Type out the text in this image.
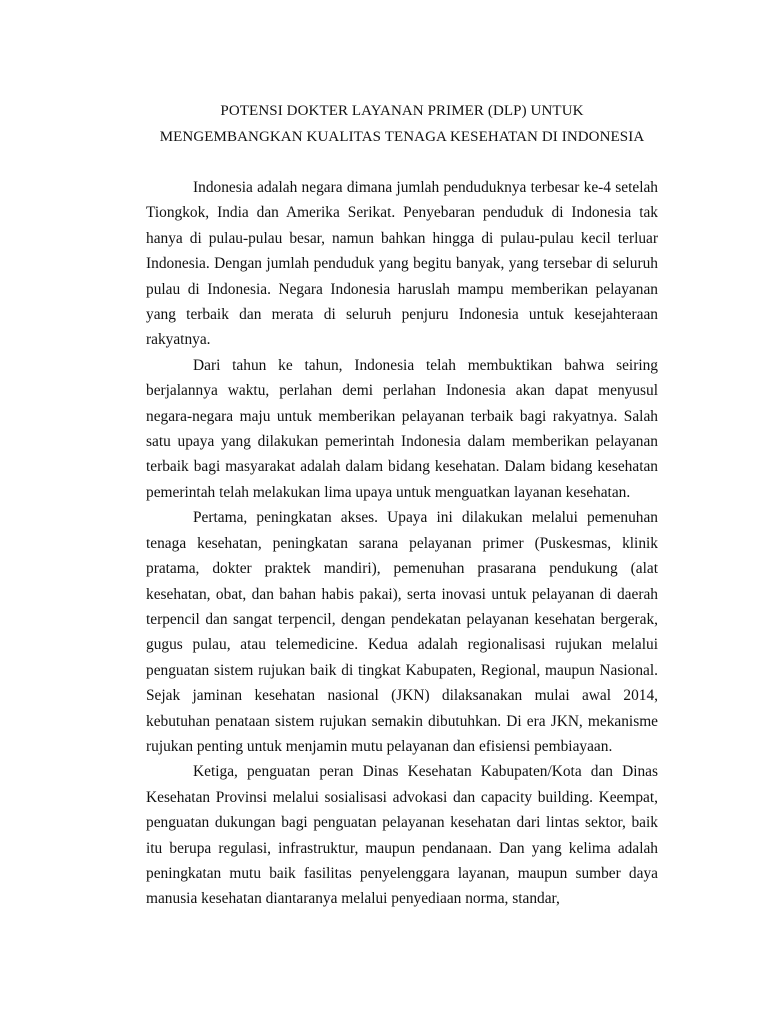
POTENSI DOKTER LAYANAN PRIMER (DLP) UNTUK
MENGEMBANGKAN KUALITAS TENAGA KESEHATAN DI INDONESIA

Indonesia adalah negara dimana jumlah penduduknya terbesar ke-4 setelah Tiongkok, India dan Amerika Serikat. Penyebaran penduduk di Indonesia tak hanya di pulau-pulau besar, namun bahkan hingga di pulau-pulau kecil terluar Indonesia. Dengan jumlah penduduk yang begitu banyak, yang tersebar di seluruh pulau di Indonesia. Negara Indonesia haruslah mampu memberikan pelayanan yang terbaik dan merata di seluruh penjuru Indonesia untuk kesejahteraan rakyatnya.

Dari tahun ke tahun, Indonesia telah membuktikan bahwa seiring berjalannya waktu, perlahan demi perlahan Indonesia akan dapat menyusul negara-negara maju untuk memberikan pelayanan terbaik bagi rakyatnya. Salah satu upaya yang dilakukan pemerintah Indonesia dalam memberikan pelayanan terbaik bagi masyarakat adalah dalam bidang kesehatan. Dalam bidang kesehatan pemerintah telah melakukan lima upaya untuk menguatkan layanan kesehatan.

Pertama, peningkatan akses. Upaya ini dilakukan melalui pemenuhan tenaga kesehatan, peningkatan sarana pelayanan primer (Puskesmas, klinik pratama, dokter praktek mandiri), pemenuhan prasarana pendukung (alat kesehatan, obat, dan bahan habis pakai), serta inovasi untuk pelayanan di daerah terpencil dan sangat terpencil, dengan pendekatan pelayanan kesehatan bergerak, gugus pulau, atau telemedicine. Kedua adalah regionalisasi rujukan melalui penguatan sistem rujukan baik di tingkat Kabupaten, Regional, maupun Nasional. Sejak jaminan kesehatan nasional (JKN) dilaksanakan mulai awal 2014, kebutuhan penataan sistem rujukan semakin dibutuhkan. Di era JKN, mekanisme rujukan penting untuk menjamin mutu pelayanan dan efisiensi pembiayaan.

Ketiga, penguatan peran Dinas Kesehatan Kabupaten/Kota dan Dinas Kesehatan Provinsi melalui sosialisasi advokasi dan capacity building. Keempat, penguatan dukungan bagi penguatan pelayanan kesehatan dari lintas sektor, baik itu berupa regulasi, infrastruktur, maupun pendanaan. Dan yang kelima adalah peningkatan mutu baik fasilitas penyelenggara layanan, maupun sumber daya manusia kesehatan diantaranya melalui penyediaan norma, standar,
